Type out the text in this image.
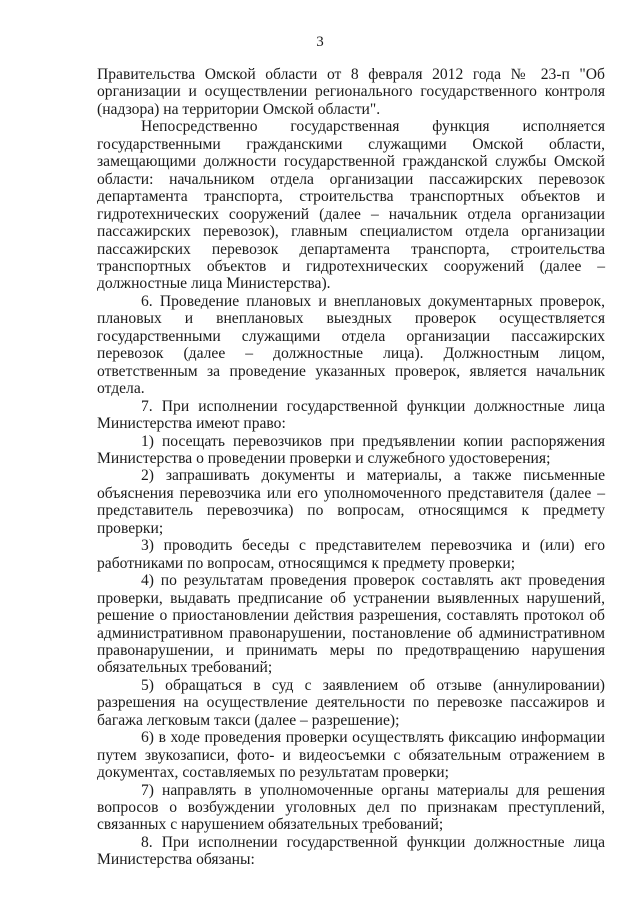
3

Правительства Омской области от 8 февраля 2012 года № 23-п "Об организации и осуществлении регионального государственного контроля (надзора) на территории Омской области".

Непосредственно государственная функция исполняется государственными гражданскими служащими Омской области, замещающими должности государственной гражданской службы Омской области: начальником отдела организации пассажирских перевозок департамента транспорта, строительства транспортных объектов и гидротехнических сооружений (далее – начальник отдела организации пассажирских перевозок), главным специалистом отдела организации пассажирских перевозок департамента транспорта, строительства транспортных объектов и гидротехнических сооружений (далее – должностные лица Министерства).

6. Проведение плановых и внеплановых документарных проверок, плановых и внеплановых выездных проверок осуществляется государственными служащими отдела организации пассажирских перевозок (далее – должностные лица). Должностным лицом, ответственным за проведение указанных проверок, является начальник отдела.

7. При исполнении государственной функции должностные лица Министерства имеют право:

1) посещать перевозчиков при предъявлении копии распоряжения Министерства о проведении проверки и служебного удостоверения;

2) запрашивать документы и материалы, а также письменные объяснения перевозчика или его уполномоченного представителя (далее – представитель перевозчика) по вопросам, относящимся к предмету проверки;

3) проводить беседы с представителем перевозчика и (или) его работниками по вопросам, относящимся к предмету проверки;

4) по результатам проведения проверок составлять акт проведения проверки, выдавать предписание об устранении выявленных нарушений, решение о приостановлении действия разрешения, составлять протокол об административном правонарушении, постановление об административном правонарушении, и принимать меры по предотвращению нарушения обязательных требований;

5) обращаться в суд с заявлением об отзыве (аннулировании) разрешения на осуществление деятельности по перевозке пассажиров и багажа легковым такси (далее – разрешение);

6) в ходе проведения проверки осуществлять фиксацию информации путем звукозаписи, фото- и видеосъемки с обязательным отражением в документах, составляемых по результатам проверки;

7) направлять в уполномоченные органы материалы для решения вопросов о возбуждении уголовных дел по признакам преступлений, связанных с нарушением обязательных требований;

8. При исполнении государственной функции должностные лица Министерства обязаны:
